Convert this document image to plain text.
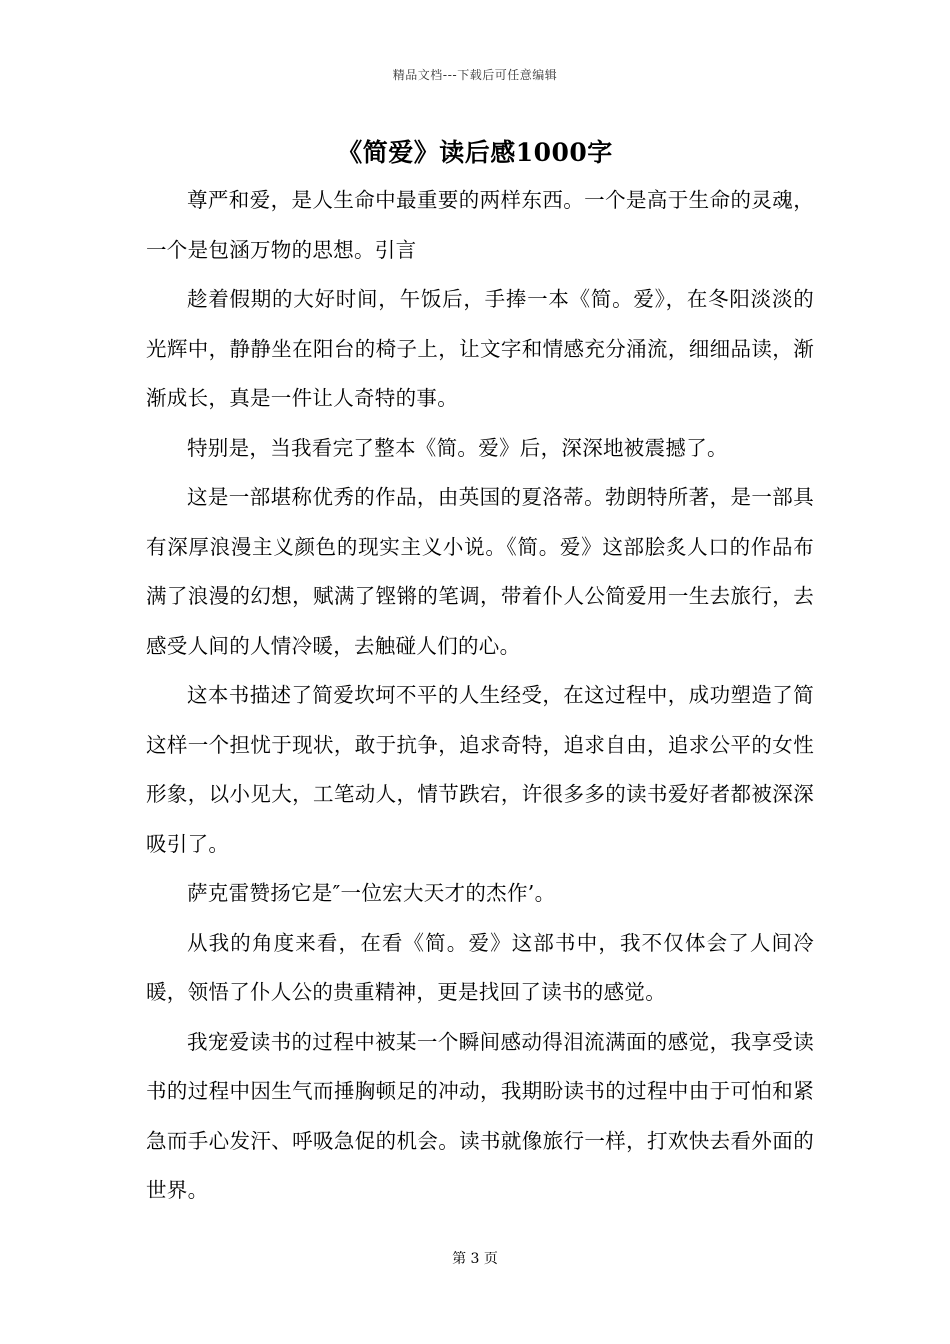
精品文档---下载后可任意编辑
《简爱》读后感1000字

尊严和爱，是人生命中最重要的两样东西。一个是高于生命的灵魂，一个是包涵万物的思想。引言

趁着假期的大好时间，午饭后，手捧一本《简。爱》，在冬阳淡淡的光辉中，静静坐在阳台的椅子上，让文字和情感充分涌流，细细品读，渐渐成长，真是一件让人奇特的事。

特别是，当我看完了整本《简。爱》后，深深地被震撼了。

这是一部堪称优秀的作品，由英国的夏洛蒂。勃朗特所著，是一部具有深厚浪漫主义颜色的现实主义小说。《简。爱》这部脍炙人口的作品布满了浪漫的幻想，赋满了铿锵的笔调，带着仆人公简爱用一生去旅行，去感受人间的人情冷暖，去触碰人们的心。

这本书描述了简爱坎坷不平的人生经受，在这过程中，成功塑造了简这样一个担忧于现状，敢于抗争，追求奇特，追求自由，追求公平的女性形象，以小见大，工笔动人，情节跌宕，许很多多的读书爱好者都被深深吸引了。

萨克雷赞扬它是″一位宏大天才的杰作’。

从我的角度来看，在看《简。爱》这部书中，我不仅体会了人间冷暖，领悟了仆人公的贵重精神，更是找回了读书的感觉。

我宠爱读书的过程中被某一个瞬间感动得泪流满面的感觉，我享受读书的过程中因生气而捶胸顿足的冲动，我期盼读书的过程中由于可怕和紧急而手心发汗、呼吸急促的机会。读书就像旅行一样，打欢快去看外面的世界。

第 3 页
